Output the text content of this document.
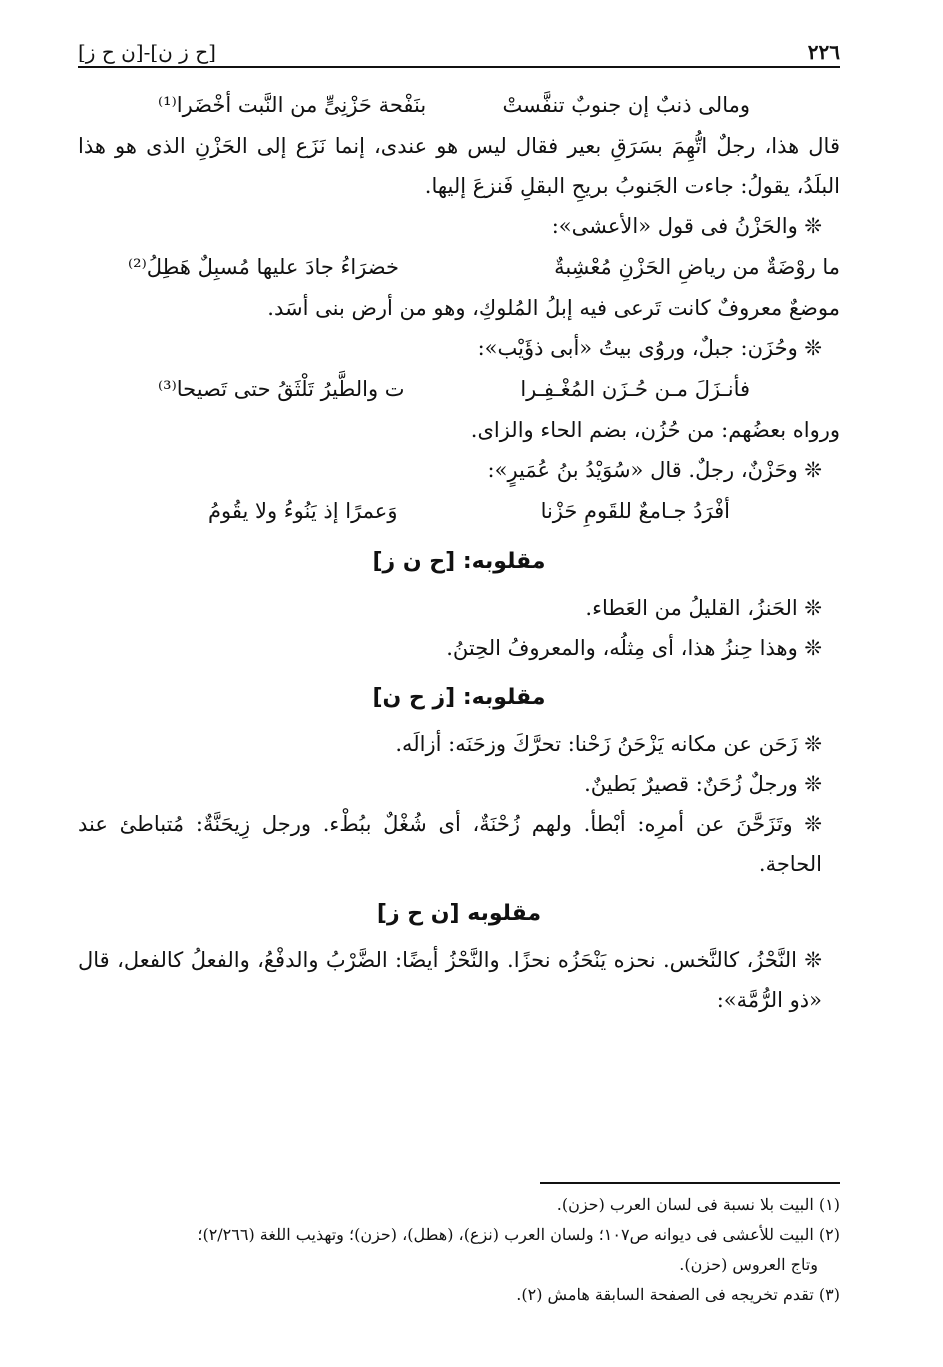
٢٢٦
[ح ز ن]-[ن ح ز]
ومالى ذنبٌ إن جنوبٌ تنفَّستْ
بنَفْحة حَزْنِىٍّ من النَّبت أخْضَرا⁽¹⁾

قال هذا، رجلٌ اتُّهِمَ بسَرَقِ بعير فقال ليس هو عندى، إنما نَزَع إلى الحَزْنِ الذى هو هذا البلَدُ، يقولُ: جاءت الجَنوبُ بريحِ البقلِ فَنزعَ إليها.

❊ والحَزْنُ فى قول «الأعشى»:

ما روْضَةٌ من رياضِ الحَزْنِ مُعْشِبةٌ
خضرَاءُ جادَ عليها مُسبِلٌ هَطِلُ⁽²⁾

موضعٌ معروفٌ كانت تَرعى فيه إبلُ المُلوكِ، وهو من أرض بنى أسَد.

❊ وحُزَن: جبلٌ، وروُى بيتُ «أبى ذؤَيْب»:

فأنـزَلَ مـن حُـزَن المُغْـفِـرا
ت والطَّيرُ تَلْثَقُ حتى تَصيحا⁽³⁾

ورواه بعضُهم: من حُزُن، بضم الحاء والزاى.

❊ وحَزْنٌ، رجلٌ. قال «سُوَيْدُ بنُ عُمَيرٍ»:

أفْرَدُ جـامعٌ للقَومِ حَزْنا
وَعمرًا إذ يَنُوءُ ولا يقُومُ
مقلوبه: [ح ن ز]

❊ الحَنزُ، القليلُ من العَطاء.

❊ وهذا حِنزُ هذا، أى مِثلُه، والمعروفُ الحِتنُ.

مقلوبه: [ز ح ن]

❊ زَحَن عن مكانه يَزْحَنُ زَحْنا: تحرَّكَ وزحَنَه: أزالَه.

❊ ورجلٌ زُحَنٌ: قصيرٌ بَطينٌ.

❊ وتَزَحَّنَ عن أمرِه: أبْطأ. ولهم زُحْنَةٌ، أى شُغْلٌ ببُطْء. ورجل زِيحَنَّةٌ: مُتباطئ عند الحاجة.

مقلوبه [ن ح ز]

❊ النَّحْزُ، كالنَّخس. نحزه يَنْحَزُه نحزًا. والنَّحْزُ أيضًا: الضَّرْبُ والدفْعُ، والفعلُ كالفعل، قال «ذو الرُّمَّة»:

(١) البيت بلا نسبة فى لسان العرب (حزن).
(٢) البيت للأعشى فى ديوانه ص١٠٧؛ ولسان العرب (نزع)، (هطل)، (حزن)؛ وتهذيب اللغة (٢/٢٦٦)؛
وتاج العروس (حزن).
(٣) تقدم تخريجه فى الصفحة السابقة هامش (٢).
